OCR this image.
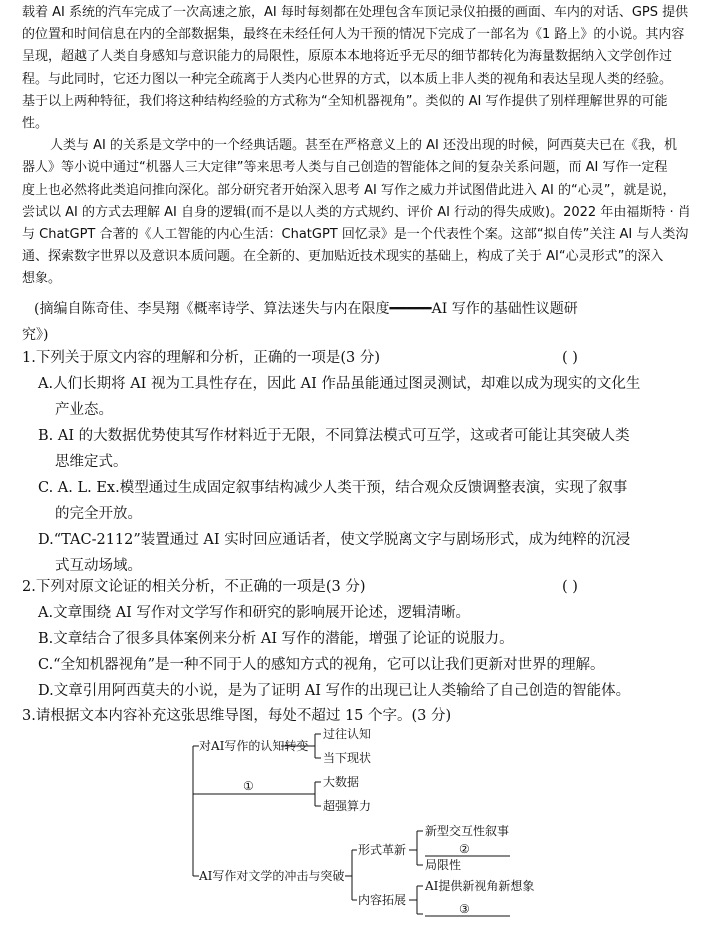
载着 AI 系统的汽车完成了一次高速之旅，AI 每时每刻都在处理包含车顶记录仪拍摄的画面、车内的对话、GPS 提供
的位置和时间信息在内的全部数据集，最终在未经任何人为干预的情况下完成了一部名为《1 路上》的小说。其内容
呈现，超越了人类自身感知与意识能力的局限性，原原本本地将近乎无尽的细节都转化为海量数据纳入文学创作过
程。与此同时，它还力图以一种完全疏离于人类内心世界的方式，以本质上非人类的视角和表达呈现人类的经验。
基于以上两种特征，我们将这种结构经验的方式称为“全知机器视角”。类似的 AI 写作提供了别样理解世界的可能
性。

人类与 AI 的关系是文学中的一个经典话题。甚至在严格意义上的 AI 还没出现的时候，阿西莫夫已在《我，机
器人》等小说中通过“机器人三大定律”等来思考人类与自己创造的智能体之间的复杂关系问题，而 AI 写作一定程
度上也必然将此类追问推向深化。部分研究者开始深入思考 AI 写作之威力并试图借此进入 AI 的“心灵”，就是说，
尝试以 AI 的方式去理解 AI 自身的逻辑(而不是以人类的方式规约、评价 AI 行动的得失成败)。2022 年由福斯特 · 肖
与 ChatGPT 合著的《人工智能的内心生活：ChatGPT 回忆录》是一个代表性个案。这部“拟自传”关注 AI 与人类沟
通、探索数字世界以及意识本质问题。在全新的、更加贴近技术现实的基础上，构成了关于 AI“心灵形式”的深入
想象。

(摘编自陈奇佳、李昊翔《概率诗学、算法迷失与内在限度━━━━━AI 写作的基础性议题研
究》)
1.下列关于原文内容的理解和分析，正确的一项是(3 分)	( )
A.人们长期将 AI 视为工具性存在，因此 AI 作品虽能通过图灵测试，却难以成为现实的文化生
产业态。
B. AI 的大数据优势使其写作材料近于无限，不同算法模式可互学，这或者可能让其突破人类
思维定式。
C. A. L. Ex.模型通过生成固定叙事结构减少人类干预，结合观众反馈调整表演，实现了叙事
的完全开放。
D.“TAC-2112”装置通过 AI 实时回应通话者，使文学脱离文字与剧场形式，成为纯粹的沉浸
式互动场域。
2.下列对原文论证的相关分析，不正确的一项是(3 分)	( )
A.文章围绕 AI 写作对文学写作和研究的影响展开论述，逻辑清晰。
B.文章结合了很多具体案例来分析 AI 写作的潜能，增强了论证的说服力。
C.“全知机器视角”是一种不同于人的感知方式的视角，它可以让我们更新对世界的理解。
D.文章引用阿西莫夫的小说，是为了证明 AI 写作的出现已让人类输给了自己创造的智能体。
3.请根据文本内容补充这张思维导图，每处不超过 15 个字。(3 分)
对AI写作的认知转变
过往认知
当下现状
①	大数据
超强算力
AI写作对文学的冲击与突破
形式革新
新型交互性叙事
②
局限性
内容拓展
AI提供新视角新想象
③
